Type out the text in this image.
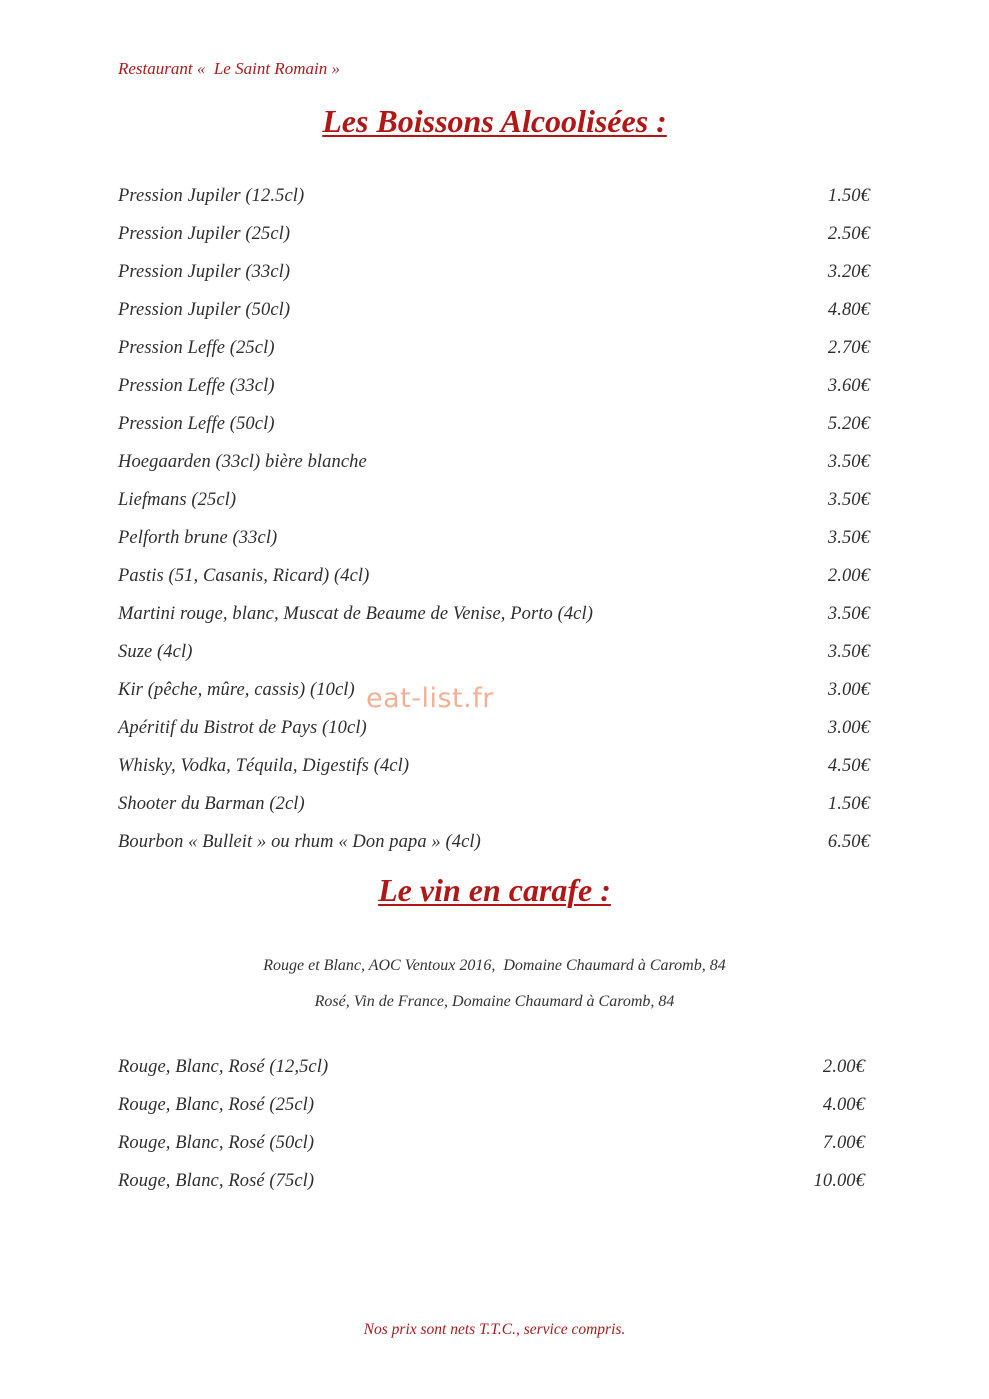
Restaurant «  Le Saint Romain »
Les Boissons Alcoolisées :
Pression Jupiler (12.5cl)	1.50€
Pression Jupiler (25cl)	2.50€
Pression Jupiler (33cl)	3.20€
Pression Jupiler (50cl)	4.80€
Pression Leffe (25cl)	2.70€
Pression Leffe (33cl)	3.60€
Pression Leffe (50cl)	5.20€
Hoegaarden (33cl) bière blanche	3.50€
Liefmans (25cl)	3.50€
Pelforth brune (33cl)	3.50€
Pastis (51, Casanis, Ricard) (4cl)	2.00€
Martini rouge, blanc, Muscat de Beaume de Venise, Porto (4cl)	3.50€
Suze (4cl)	3.50€
Kir (pêche, mûre, cassis) (10cl)	3.00€
Apéritif du Bistrot de Pays (10cl)	3.00€
Whisky, Vodka, Téquila, Digestifs (4cl)	4.50€
Shooter du Barman (2cl)	1.50€
Bourbon « Bulleit » ou rhum « Don papa » (4cl)	6.50€
eat-list.fr
Le vin en carafe :
Rouge et Blanc, AOC Ventoux 2016,  Domaine Chaumard à Caromb, 84
Rosé, Vin de France, Domaine Chaumard à Caromb, 84
Rouge, Blanc, Rosé (12,5cl)	2.00€
Rouge, Blanc, Rosé (25cl)	4.00€
Rouge, Blanc, Rosé (50cl)	7.00€
Rouge, Blanc, Rosé (75cl)	10.00€
Nos prix sont nets T.T.C., service compris.
